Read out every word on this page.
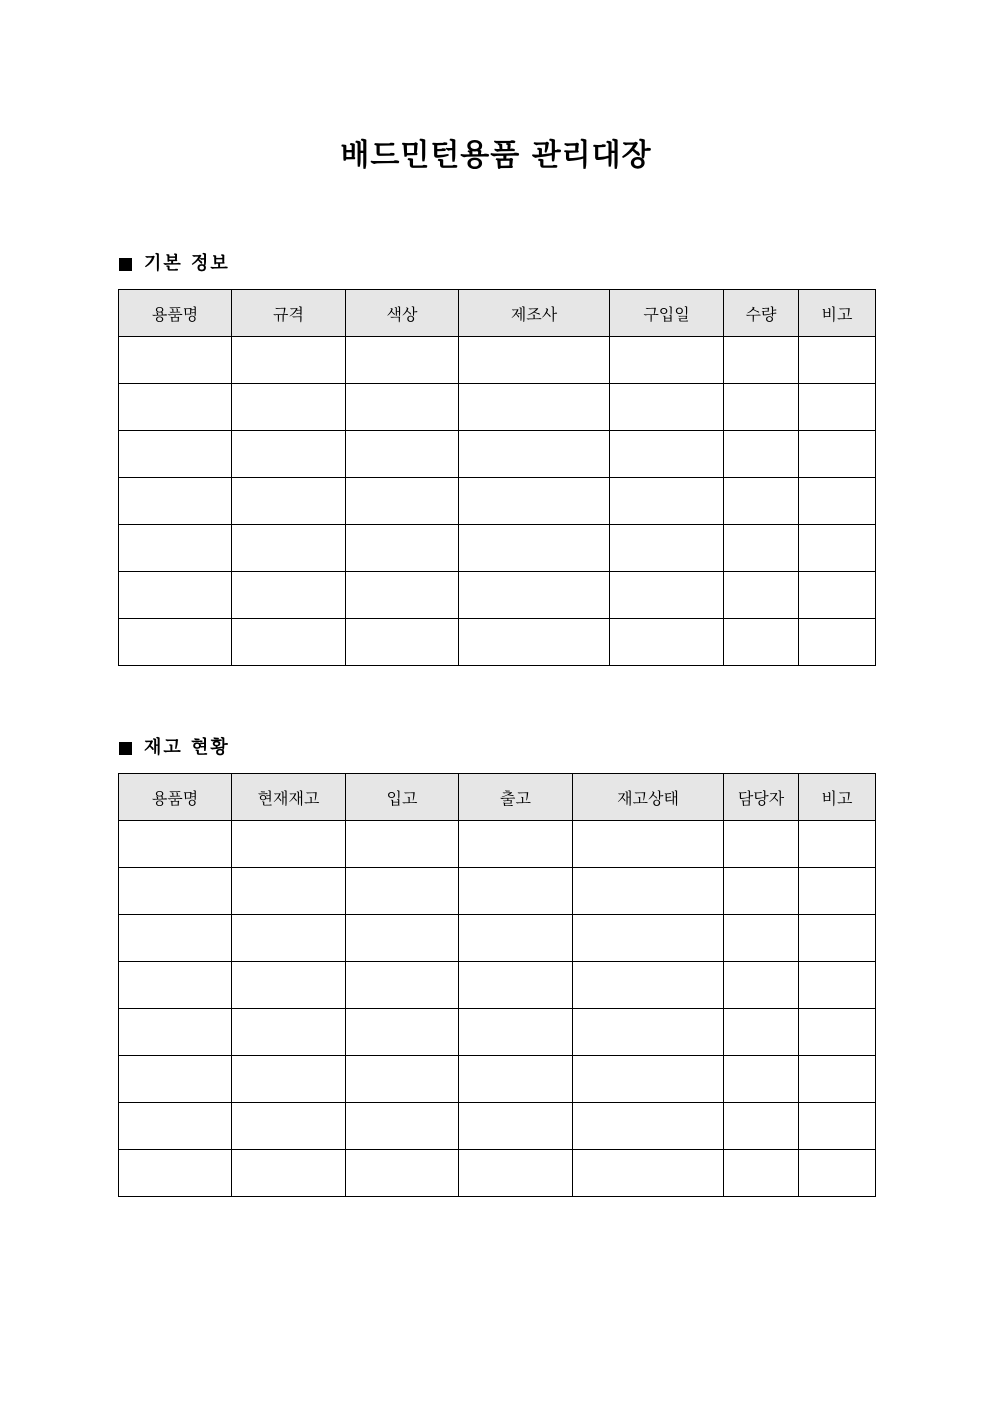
배드민턴용품 관리대장
기본 정보
용품명	규격	색상	제조사	구입일	수량	비고

재고 현황
용품명	현재재고	입고	출고	재고상태	담당자	비고
